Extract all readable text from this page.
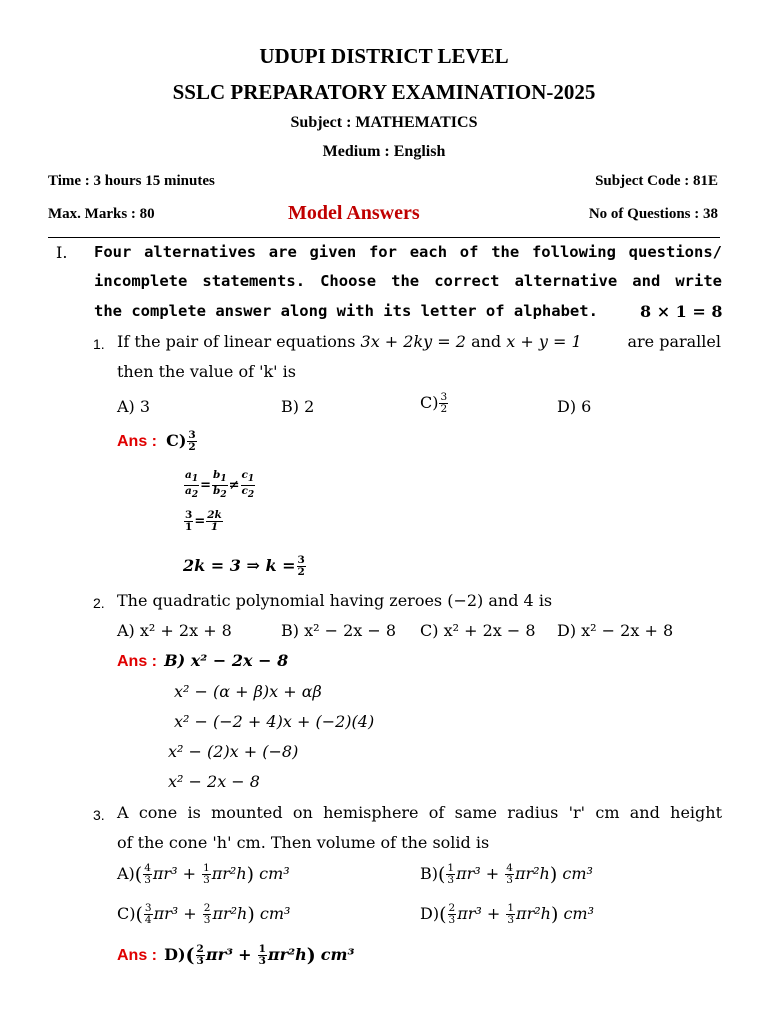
UDUPI DISTRICT LEVEL
SSLC PREPARATORY EXAMINATION-2025
Subject : MATHEMATICS
Medium : English
Time : 3 hours 15 minutes	Subject Code : 81E
Max. Marks : 80	Model Answers	No of Questions : 38
I. Four alternatives are given for each of the following questions/
incomplete statements. Choose the correct alternative and write
the complete answer along with its letter of alphabet.	8 × 1 = 8
1. If the pair of linear equations 3x + 2ky = 2 and x + y = 1	are parallel
then the value of 'k' is
A) 3	B) 2	$C) \frac{3}{2}$	D) 6
Ans : $C) \frac{3}{2}$
$\frac{a_1}{a_2} = \frac{b_1}{b_2} \ne \frac{c_1}{c_2}$
$\frac{3}{1} = \frac{2k}{1}$
2k = 3 ⇒ $k = \frac{3}{2}$
2. The quadratic polynomial having zeroes (−2) and 4 is
A) x² + 2x + 8	B) x² − 2x − 8 C) x² + 2x − 8 D) x² − 2x + 8
Ans : B) x² − 2x − 8
x² − (α + β)x + αβ
x² − (−2 + 4)x + (−2)(4)
x² − (2)x + (−8)
x² − 2x − 8
3. A cone is mounted on hemisphere of same radius 'r' cm and height
of the cone 'h' cm. Then volume of the solid is
$A)( \frac{4}{3} \pi r^3 + \frac{1}{3} \pi r^2h)$ cm³	$B)( \frac{1}{3} \pi r^3 + \frac{4}{3} \pi r^2h)$ cm³
$C)( \frac{3}{4} \pi r^3 + \frac{2}{3} \pi r^2h)$ cm³	$D)( \frac{2}{3} \pi r^3 + \frac{1}{3} \pi r^2h)$ cm³
Ans : $D)( \frac{2}{3} \pi r^3 + \frac{1}{3} \pi r^2h)$ cm³
